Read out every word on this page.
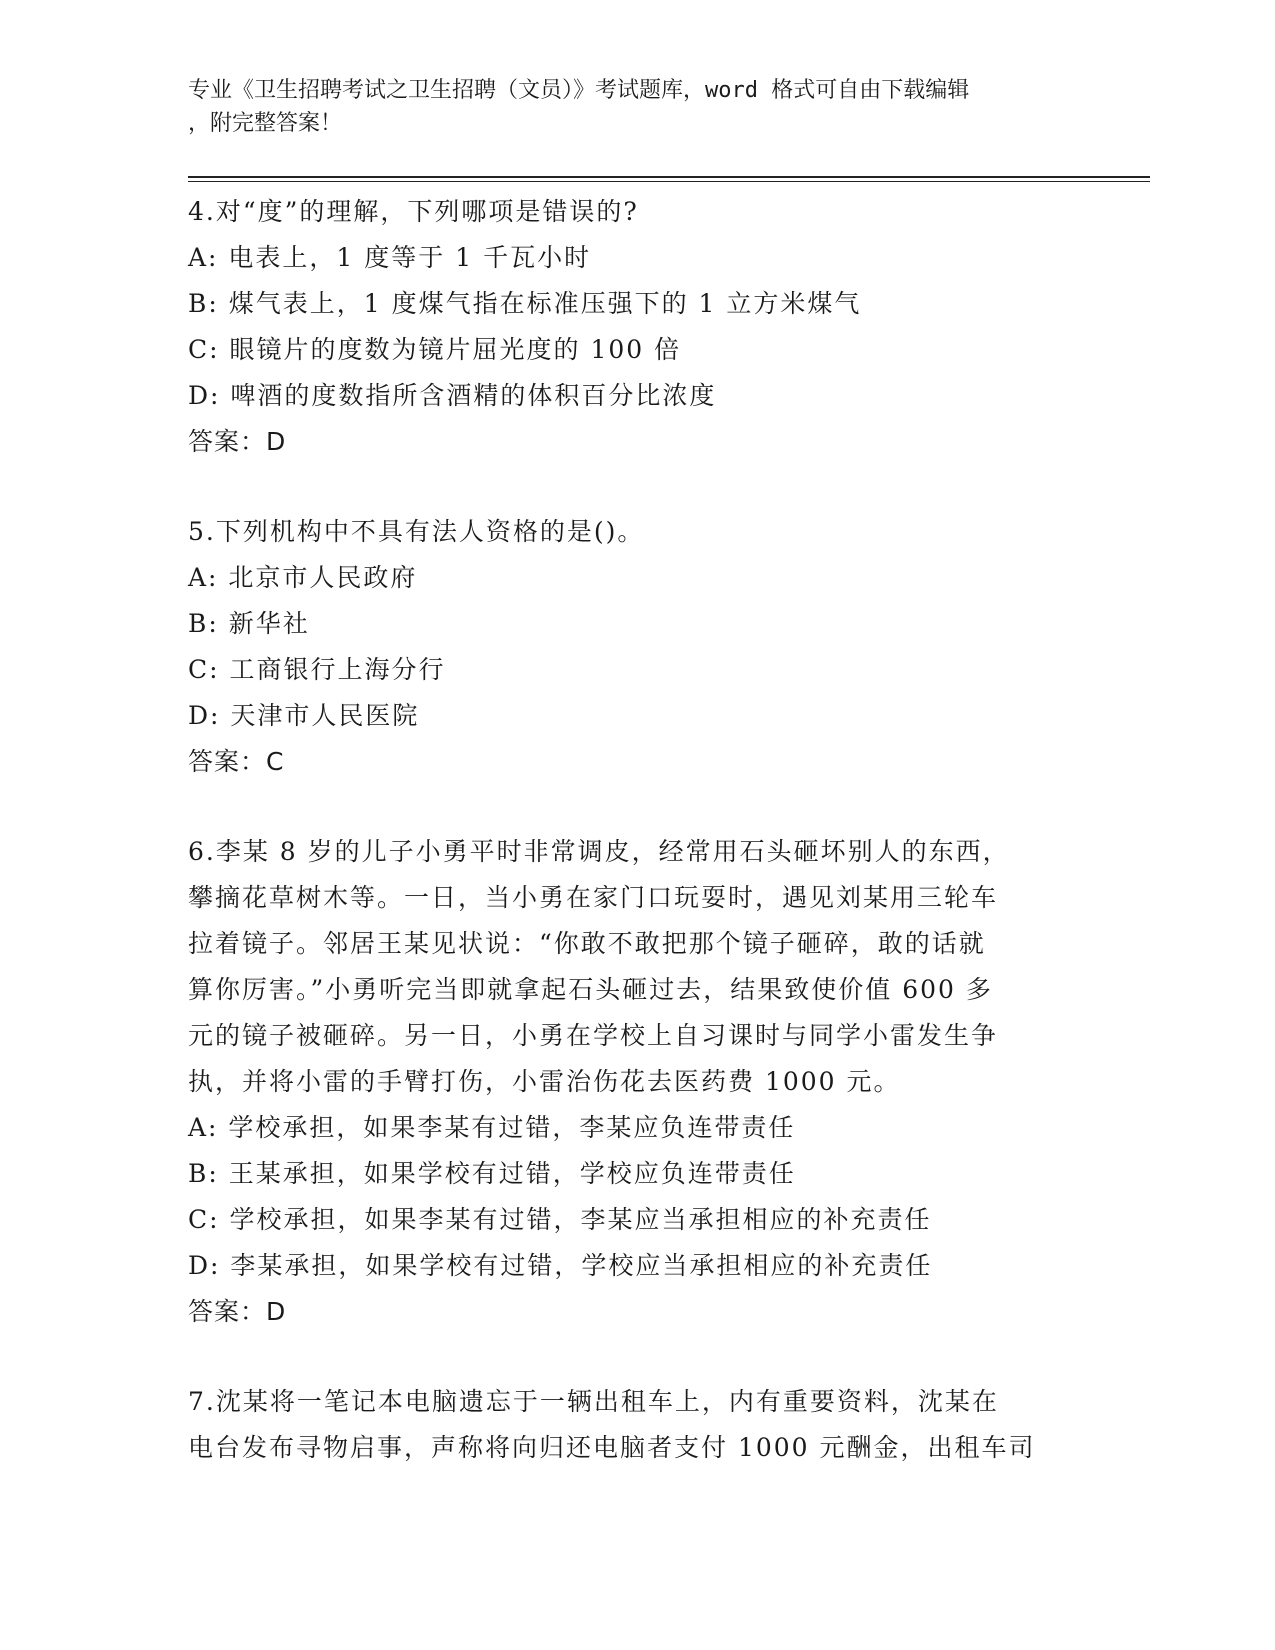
专业《卫生招聘考试之卫生招聘（文员）》考试题库，word 格式可自由下载编辑
，附完整答案！
4.对“度”的理解，下列哪项是错误的?
A: 电表上，1 度等于 1 千瓦小时
B: 煤气表上，1 度煤气指在标准压强下的 1 立方米煤气
C: 眼镜片的度数为镜片屈光度的 100 倍
D: 啤酒的度数指所含酒精的体积百分比浓度
答案：D
5.下列机构中不具有法人资格的是()。
A: 北京市人民政府
B: 新华社
C: 工商银行上海分行
D: 天津市人民医院
答案：C
6.李某 8 岁的儿子小勇平时非常调皮，经常用石头砸坏别人的东西，
攀摘花草树木等。一日，当小勇在家门口玩耍时，遇见刘某用三轮车
拉着镜子。邻居王某见状说：“你敢不敢把那个镜子砸碎，敢的话就
算你厉害。”小勇听完当即就拿起石头砸过去，结果致使价值 600 多
元的镜子被砸碎。另一日，小勇在学校上自习课时与同学小雷发生争
执，并将小雷的手臂打伤，小雷治伤花去医药费 1000 元。
A: 学校承担，如果李某有过错，李某应负连带责任
B: 王某承担，如果学校有过错，学校应负连带责任
C: 学校承担，如果李某有过错，李某应当承担相应的补充责任
D: 李某承担，如果学校有过错，学校应当承担相应的补充责任
答案：D
7.沈某将一笔记本电脑遗忘于一辆出租车上，内有重要资料，沈某在
电台发布寻物启事，声称将向归还电脑者支付 1000 元酬金，出租车司
